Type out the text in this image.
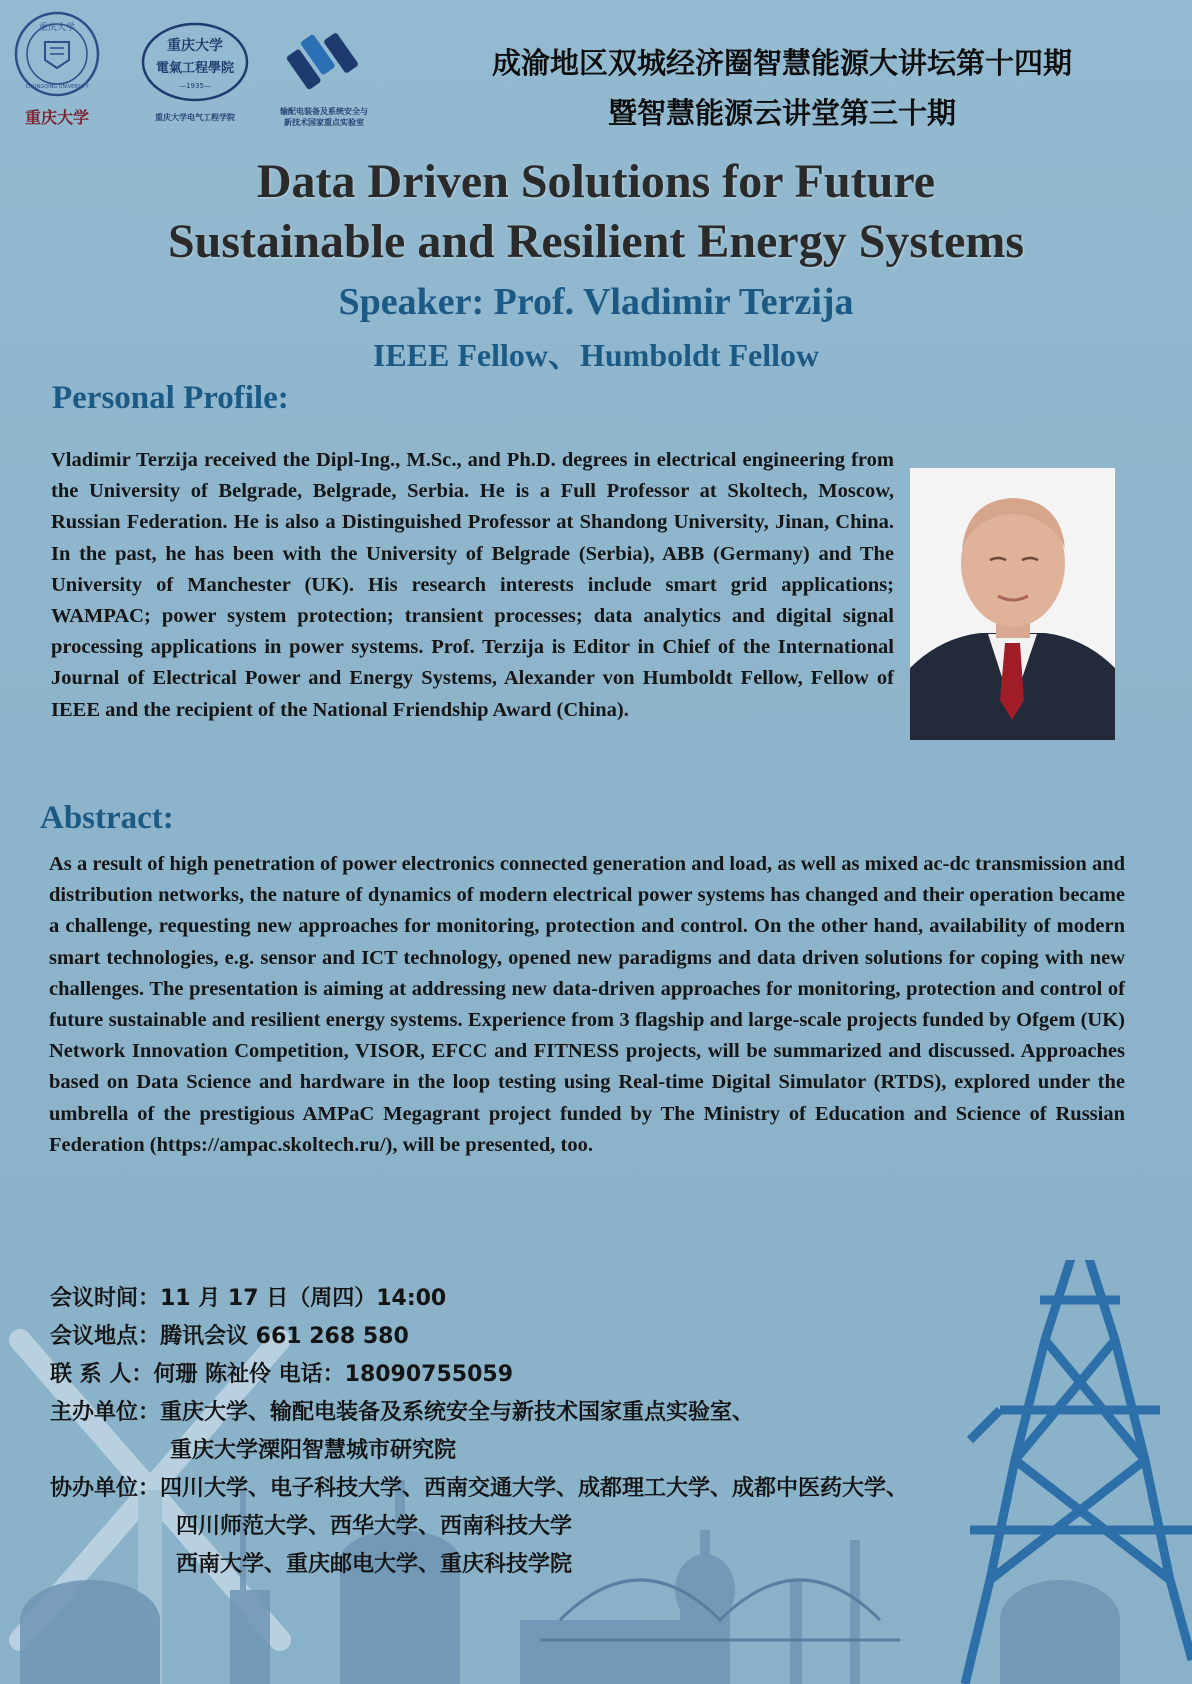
重庆大学
CHONGQING UNIVERSITY
重庆大学
重庆大学
電氣工程學院
—1935—
重庆大学电气工程学院
输配电装备及系统安全与
新技术国家重点实验室
成渝地区双城经济圈智慧能源大讲坛第十四期
暨智慧能源云讲堂第三十期
Data Driven Solutions for Future
Sustainable and Resilient Energy Systems
Speaker: Prof. Vladimir Terzija
IEEE Fellow、Humboldt Fellow
Personal Profile:
Vladimir Terzija received the Dipl-Ing., M.Sc., and Ph.D. degrees in electrical engineering from the University of Belgrade, Belgrade, Serbia. He is a Full Professor at Skoltech, Moscow, Russian Federation. He is also a Distinguished Professor at Shandong University, Jinan, China. In the past, he has been with the University of Belgrade (Serbia), ABB (Germany) and The University of Manchester (UK). His research interests include smart grid applications; WAMPAC; power system protection; transient processes; data analytics and digital signal processing applications in power systems. Prof. Terzija is Editor in Chief of the International Journal of Electrical Power and Energy Systems, Alexander von Humboldt Fellow, Fellow of IEEE and the recipient of the National Friendship Award (China).
Abstract:
As a result of high penetration of power electronics connected generation and load, as well as mixed ac-dc transmission and distribution networks, the nature of dynamics of modern electrical power systems has changed and their operation became a challenge, requesting new approaches for monitoring, protection and control. On the other hand, availability of modern smart technologies, e.g. sensor and ICT technology, opened new paradigms and data driven solutions for coping with new challenges. The presentation is aiming at addressing new data-driven approaches for monitoring, protection and control of future sustainable and resilient energy systems. Experience from 3 flagship and large-scale projects funded by Ofgem (UK) Network Innovation Competition, VISOR, EFCC and FITNESS projects, will be summarized and discussed. Approaches based on Data Science and hardware in the loop testing using Real-time Digital Simulator (RTDS), explored under the umbrella of the prestigious AMPaC Megagrant project funded by The Ministry of Education and Science of Russian Federation (https://ampac.skoltech.ru/), will be presented, too.
会议时间：11 月 17 日（周四）14:00
会议地点：腾讯会议 661 268 580
联 系 人：何珊 陈祉伶 电话：18090755059
主办单位：重庆大学、输配电装备及系统安全与新技术国家重点实验室、
重庆大学溧阳智慧城市研究院
协办单位：四川大学、电子科技大学、西南交通大学、成都理工大学、成都中医药大学、
四川师范大学、西华大学、西南科技大学
西南大学、重庆邮电大学、重庆科技学院
